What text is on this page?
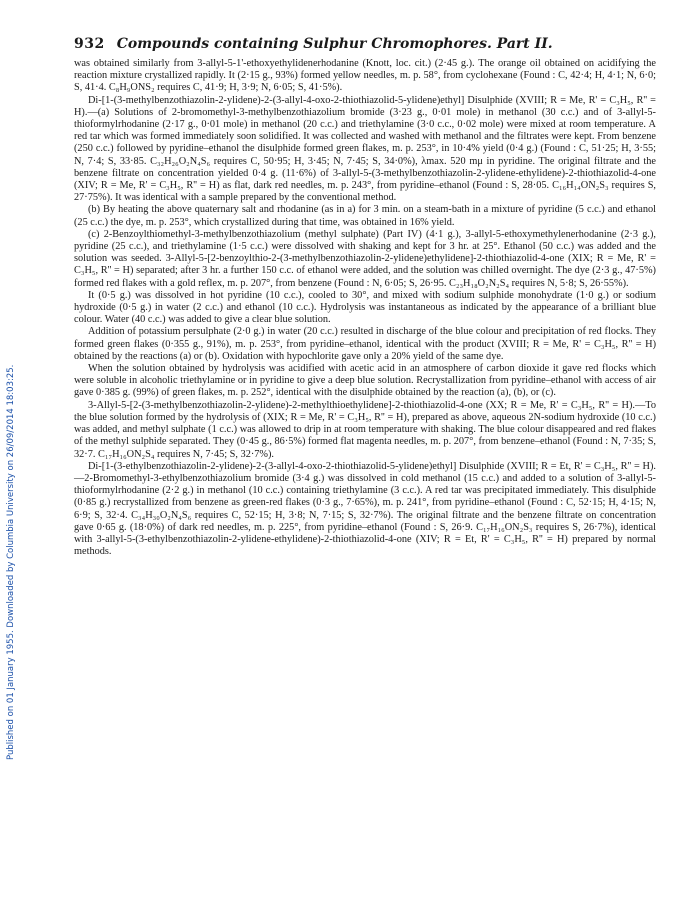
Published on 01 January 1955. Downloaded by Columbia University on 26/09/2014 18:03:25.
932 Compounds containing Sulphur Chromophores. Part II.

was obtained similarly from 3-allyl-5-1'-ethoxyethylidenerhodanine (Knott, loc. cit.) (2·45 g.). The orange oil obtained on acidifying the reaction mixture crystallized rapidly. It (2·15 g., 93%) formed yellow needles, m. p. 58°, from cyclohexane (Found : C, 42·4; H, 4·1; N, 6·0; S, 41·4. C₈H₉ONS₂ requires C, 41·9; H, 3·9; N, 6·05; S, 41·5%).

Di-[1-(3-methylbenzothiazolin-2-ylidene)-2-(3-allyl-4-oxo-2-thiothiazolid-5-ylidene)ethyl] Disulphide (XVIII; R = Me, R' = C₃H₅, R'' = H).—(a) Solutions of 2-bromomethyl-3-methylbenzothiazolium bromide (3·23 g., 0·01 mole) in methanol (30 c.c.) and of 3-allyl-5-thioformylrhodanine (2·17 g., 0·01 mole) in methanol (20 c.c.) and triethylamine (3·0 c.c., 0·02 mole) were mixed at room temperature. A red tar which was formed immediately soon solidified. It was collected and washed with methanol and the filtrates were kept. From benzene (250 c.c.) followed by pyridine–ethanol the disulphide formed green flakes, m. p. 253°, in 10·4% yield (0·4 g.) (Found : C, 51·25; H, 3·55; N, 7·4; S, 33·85. C₃₂H₂₆O₂N₄S₆ requires C, 50·95; H, 3·45; N, 7·45; S, 34·0%), λmax. 520 mμ in pyridine. The original filtrate and the benzene filtrate on concentration yielded 0·4 g. (11·6%) of 3-allyl-5-(3-methylbenzothiazolin-2-ylidene-ethylidene)-2-thiothiazolid-4-one (XIV; R = Me, R' = C₃H₅, R'' = H) as flat, dark red needles, m. p. 243°, from pyridine–ethanol (Found : S, 28·05. C₁₆H₁₄ON₂S₃ requires S, 27·75%). It was identical with a sample prepared by the conventional method.

(b) By heating the above quaternary salt and rhodanine (as in a) for 3 min. on a steam-bath in a mixture of pyridine (5 c.c.) and ethanol (25 c.c.) the dye, m. p. 253°, which crystallized during that time, was obtained in 16% yield.

(c) 2-Benzoylthiomethyl-3-methylbenzothiazolium (methyl sulphate) (Part IV) (4·1 g.), 3-allyl-5-ethoxymethylenerhodanine (2·3 g.), pyridine (25 c.c.), and triethylamine (1·5 c.c.) were dissolved with shaking and kept for 3 hr. at 25°. Ethanol (50 c.c.) was added and the solution was seeded. 3-Allyl-5-[2-benzoylthio-2-(3-methylbenzothiazolin-2-ylidene)ethylidene]-2-thiothiazolid-4-one (XIX; R = Me, R' = C₃H₅, R'' = H) separated; after 3 hr. a further 150 c.c. of ethanol were added, and the solution was chilled overnight. The dye (2·3 g., 47·5%) formed red flakes with a gold reflex, m. p. 207°, from benzene (Found : N, 6·05; S, 26·95. C₂₃H₁₈O₂N₂S₄ requires N, 5·8; S, 26·55%).

It (0·5 g.) was dissolved in hot pyridine (10 c.c.), cooled to 30°, and mixed with sodium sulphide monohydrate (1·0 g.) or sodium hydroxide (0·5 g.) in water (2 c.c.) and ethanol (10 c.c.). Hydrolysis was instantaneous as indicated by the appearance of a brilliant blue colour. Water (40 c.c.) was added to give a clear blue solution.

Addition of potassium persulphate (2·0 g.) in water (20 c.c.) resulted in discharge of the blue colour and precipitation of red flocks. They formed green flakes (0·355 g., 91%), m. p. 253°, from pyridine–ethanol, identical with the product (XVIII; R = Me, R' = C₃H₅, R'' = H) obtained by the reactions (a) or (b). Oxidation with hypochlorite gave only a 20% yield of the same dye.

When the solution obtained by hydrolysis was acidified with acetic acid in an atmosphere of carbon dioxide it gave red flocks which were soluble in alcoholic triethylamine or in pyridine to give a deep blue solution. Recrystallization from pyridine–ethanol with access of air gave 0·385 g. (99%) of green flakes, m. p. 252°, identical with the disulphide obtained by the reaction (a), (b), or (c).

3-Allyl-5-[2-(3-methylbenzothiazolin-2-ylidene)-2-methylthioethylidene]-2-thiothiazolid-4-one (XX; R = Me, R' = C₃H₅, R'' = H).—To the blue solution formed by the hydrolysis of (XIX; R = Me, R' = C₃H₅, R'' = H), prepared as above, aqueous 2N-sodium hydroxide (10 c.c.) was added, and methyl sulphate (1 c.c.) was allowed to drip in at room temperature with shaking. The blue colour disappeared and red flakes of the methyl sulphide separated. They (0·45 g., 86·5%) formed flat magenta needles, m. p. 207°, from benzene–ethanol (Found : N, 7·35; S, 32·7. C₁₇H₁₆ON₂S₄ requires N, 7·45; S, 32·7%).

Di-[1-(3-ethylbenzothiazolin-2-ylidene)-2-(3-allyl-4-oxo-2-thiothiazolid-5-ylidene)ethyl] Disulphide (XVIII; R = Et, R' = C₃H₅, R'' = H).—2-Bromomethyl-3-ethylbenzothiazolium bromide (3·4 g.) was dissolved in cold methanol (15 c.c.) and added to a solution of 3-allyl-5-thioformylrhodanine (2·2 g.) in methanol (10 c.c.) containing triethylamine (3 c.c.). A red tar was precipitated immediately. This disulphide (0·85 g.) recrystallized from benzene as green-red flakes (0·3 g., 7·65%), m. p. 241°, from pyridine–ethanol (Found : C, 52·15; H, 4·15; N, 6·9; S, 32·4. C₃₄H₃₀O₂N₄S₆ requires C, 52·15; H, 3·8; N, 7·15; S, 32·7%). The original filtrate and the benzene filtrate on concentration gave 0·65 g. (18·0%) of dark red needles, m. p. 225°, from pyridine–ethanol (Found : S, 26·9. C₁₇H₁₆ON₂S₃ requires S, 26·7%), identical with 3-allyl-5-(3-ethylbenzothiazolin-2-ylidene-ethylidene)-2-thiothiazolid-4-one (XIV; R = Et, R' = C₃H₅, R'' = H) prepared by normal methods.
